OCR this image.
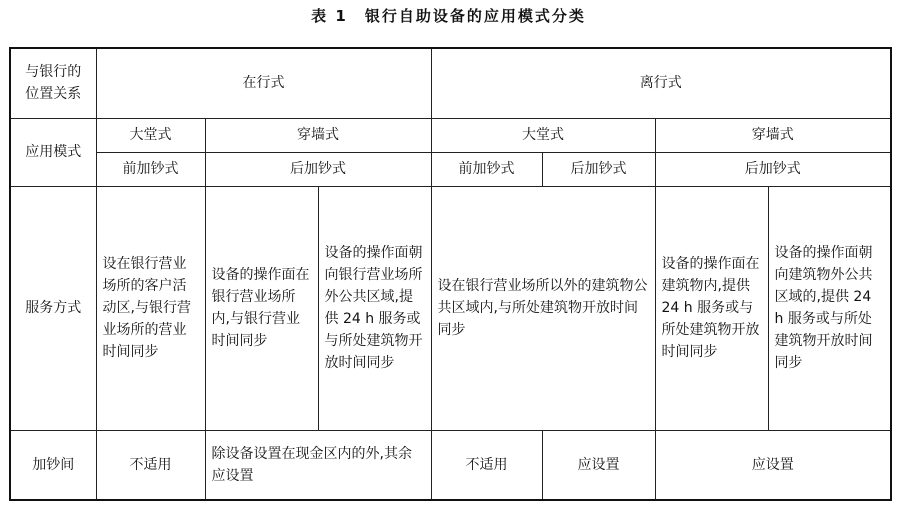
表 1　银行自助设备的应用模式分类
与银行的
位置关系	在行式			离行式			
应用模式	大堂式	穿墙式		大堂式		穿墙式	
	前加钞式	后加钞式		前加钞式	后加钞式	后加钞式	
服务方式	设在银行营业场所的客户活动区,与银行营业场所的营业时间同步	设备的操作面在银行营业场所内,与银行营业时间同步	设备的操作面朝向银行营业场所外公共区域,提供 24 h 服务或与所处建筑物开放时间同步	设在银行营业场所以外的建筑物公共区域内,与所处建筑物开放时间同步		设备的操作面在建筑物内,提供 24 h 服务或与所处建筑物开放时间同步	设备的操作面朝向建筑物外公共区域的,提供 24 h 服务或与所处建筑物开放时间同步
加钞间	不适用	除设备设置在现金区内的外,其余应设置		不适用	应设置	应设置	
